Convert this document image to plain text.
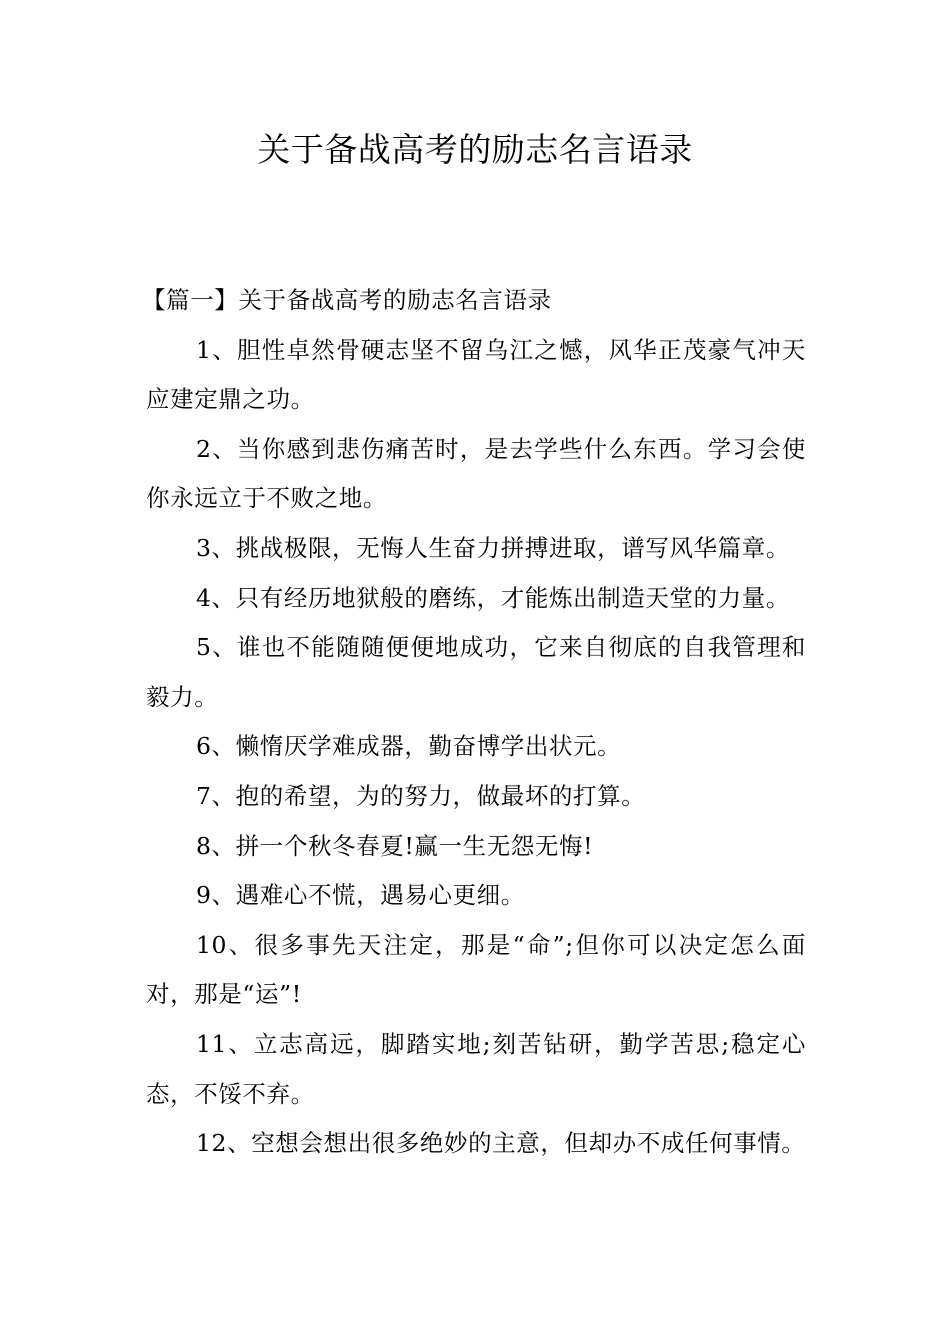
关于备战高考的励志名言语录
【篇一】关于备战高考的励志名言语录

1、胆性卓然骨硬志坚不留乌江之憾，风华正茂豪气冲天应建定鼎之功。

2、当你感到悲伤痛苦时，是去学些什么东西。学习会使你永远立于不败之地。

3、挑战极限，无悔人生奋力拼搏进取，谱写风华篇章。

4、只有经历地狱般的磨练，才能炼出制造天堂的力量。

5、谁也不能随随便便地成功，它来自彻底的自我管理和毅力。

6、懒惰厌学难成器，勤奋博学出状元。

7、抱的希望，为的努力，做最坏的打算。

8、拼一个秋冬春夏!赢一生无怨无悔!

9、遇难心不慌，遇易心更细。

10、很多事先天注定，那是“命”;但你可以决定怎么面对，那是“运”!

11、立志高远，脚踏实地;刻苦钻研，勤学苦思;稳定心态，不馁不弃。

12、空想会想出很多绝妙的主意，但却办不成任何事情。
